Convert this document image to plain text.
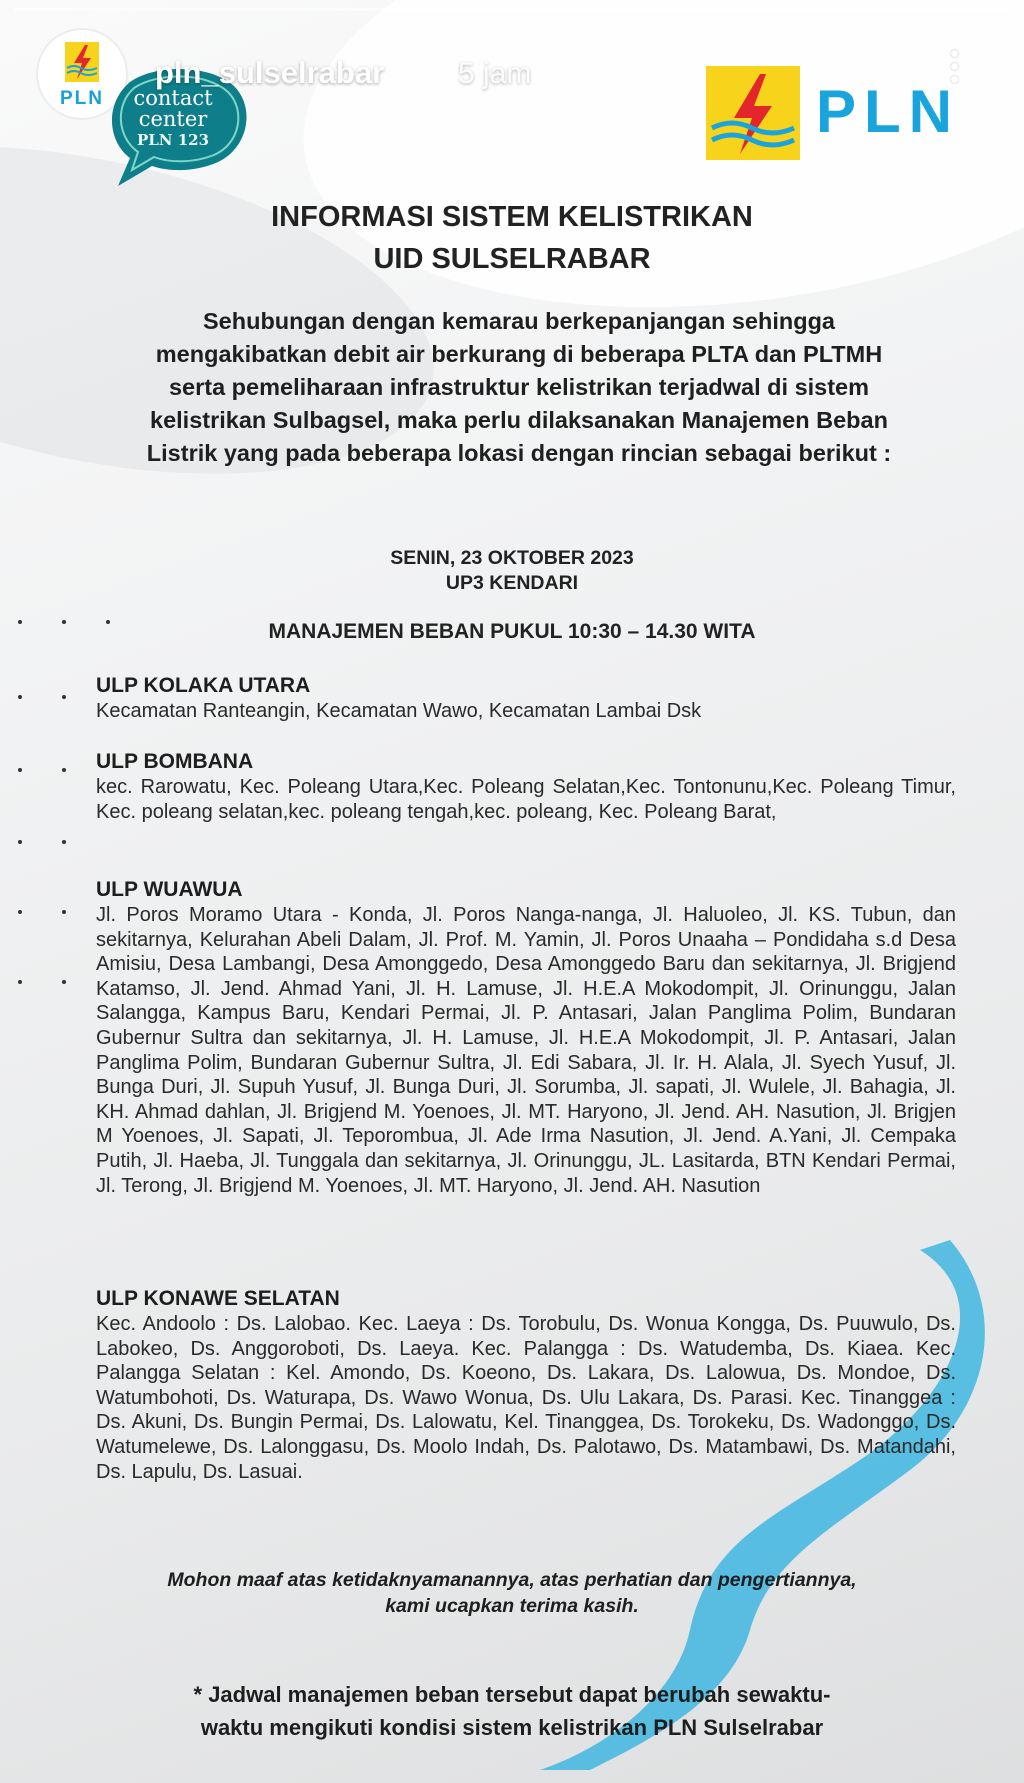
PLN	contact
center
PLN 123
pln_sulselrabar 5 jam
PLN
INFORMASI SISTEM KELISTRIKAN
UID SULSELRABAR
Sehubungan dengan kemarau berkepanjangan sehingga
mengakibatkan debit air berkurang di beberapa PLTA dan PLTMH
serta pemeliharaan infrastruktur kelistrikan terjadwal di sistem
kelistrikan Sulbagsel, maka perlu dilaksanakan Manajemen Beban
Listrik yang pada beberapa lokasi dengan rincian sebagai berikut :
SENIN, 23 OKTOBER 2023
UP3 KENDARI
MANAJEMEN BEBAN PUKUL 10:30 – 14.30 WITA
ULP KOLAKA UTARA
Kecamatan Ranteangin, Kecamatan Wawo, Kecamatan Lambai Dsk
ULP BOMBANA
kec. Rarowatu, Kec. Poleang Utara,Kec. Poleang Selatan,Kec. Tontonunu,Kec. Poleang Timur, Kec. poleang selatan,kec. poleang tengah,kec. poleang, Kec. Poleang Barat,
ULP WUAWUA
Jl. Poros Moramo Utara - Konda, Jl. Poros Nanga-nanga, Jl. Haluoleo, Jl. KS. Tubun, dan sekitarnya, Kelurahan Abeli Dalam, Jl. Prof. M. Yamin, Jl. Poros Unaaha – Pondidaha s.d Desa Amisiu, Desa Lambangi, Desa Amonggedo, Desa Amonggedo Baru dan sekitarnya, Jl. Brigjend Katamso, Jl. Jend. Ahmad Yani, Jl. H. Lamuse, Jl. H.E.A Mokodompit, Jl. Orinunggu, Jalan Salangga, Kampus Baru, Kendari Permai, Jl. P. Antasari, Jalan Panglima Polim, Bundaran Gubernur Sultra dan sekitarnya, Jl. H. Lamuse, Jl. H.E.A Mokodompit, Jl. P. Antasari, Jalan Panglima Polim, Bundaran Gubernur Sultra, Jl. Edi Sabara, Jl. Ir. H. Alala, Jl. Syech Yusuf, Jl. Bunga Duri, Jl. Supuh Yusuf, Jl. Bunga Duri, Jl. Sorumba, Jl. sapati, Jl. Wulele, Jl. Bahagia, Jl. KH. Ahmad dahlan, Jl. Brigjend M. Yoenoes, Jl. MT. Haryono, Jl. Jend. AH. Nasution, Jl. Brigjen M Yoenoes, Jl. Sapati, Jl. Teporombua, Jl. Ade Irma Nasution, Jl. Jend. A.Yani, Jl. Cempaka Putih, Jl. Haeba, Jl. Tunggala dan sekitarnya, Jl. Orinunggu, JL. Lasitarda, BTN Kendari Permai, Jl. Terong, Jl. Brigjend M. Yoenoes, Jl. MT. Haryono, Jl. Jend. AH. Nasution
ULP KONAWE SELATAN
Kec. Andoolo : Ds. Lalobao. Kec. Laeya : Ds. Torobulu, Ds. Wonua Kongga, Ds. Puuwulo, Ds. Labokeo, Ds. Anggoroboti, Ds. Laeya. Kec. Palangga : Ds. Watudemba, Ds. Kiaea. Kec. Palangga Selatan : Kel. Amondo, Ds. Koeono, Ds. Lakara, Ds. Lalowua, Ds. Mondoe, Ds. Watumbohoti, Ds. Waturapa, Ds. Wawo Wonua, Ds. Ulu Lakara, Ds. Parasi. Kec. Tinanggea : Ds. Akuni, Ds. Bungin Permai, Ds. Lalowatu, Kel. Tinanggea, Ds. Torokeku, Ds. Wadonggo, Ds. Watumelewe, Ds. Lalonggasu, Ds. Moolo Indah, Ds. Palotawo, Ds. Matambawi, Ds. Matandahi, Ds. Lapulu, Ds. Lasuai.
Mohon maaf atas ketidaknyamanannya, atas perhatian dan pengertiannya,
kami ucapkan terima kasih.
* Jadwal manajemen beban tersebut dapat berubah sewaktu-
waktu mengikuti kondisi sistem kelistrikan PLN Sulselrabar
